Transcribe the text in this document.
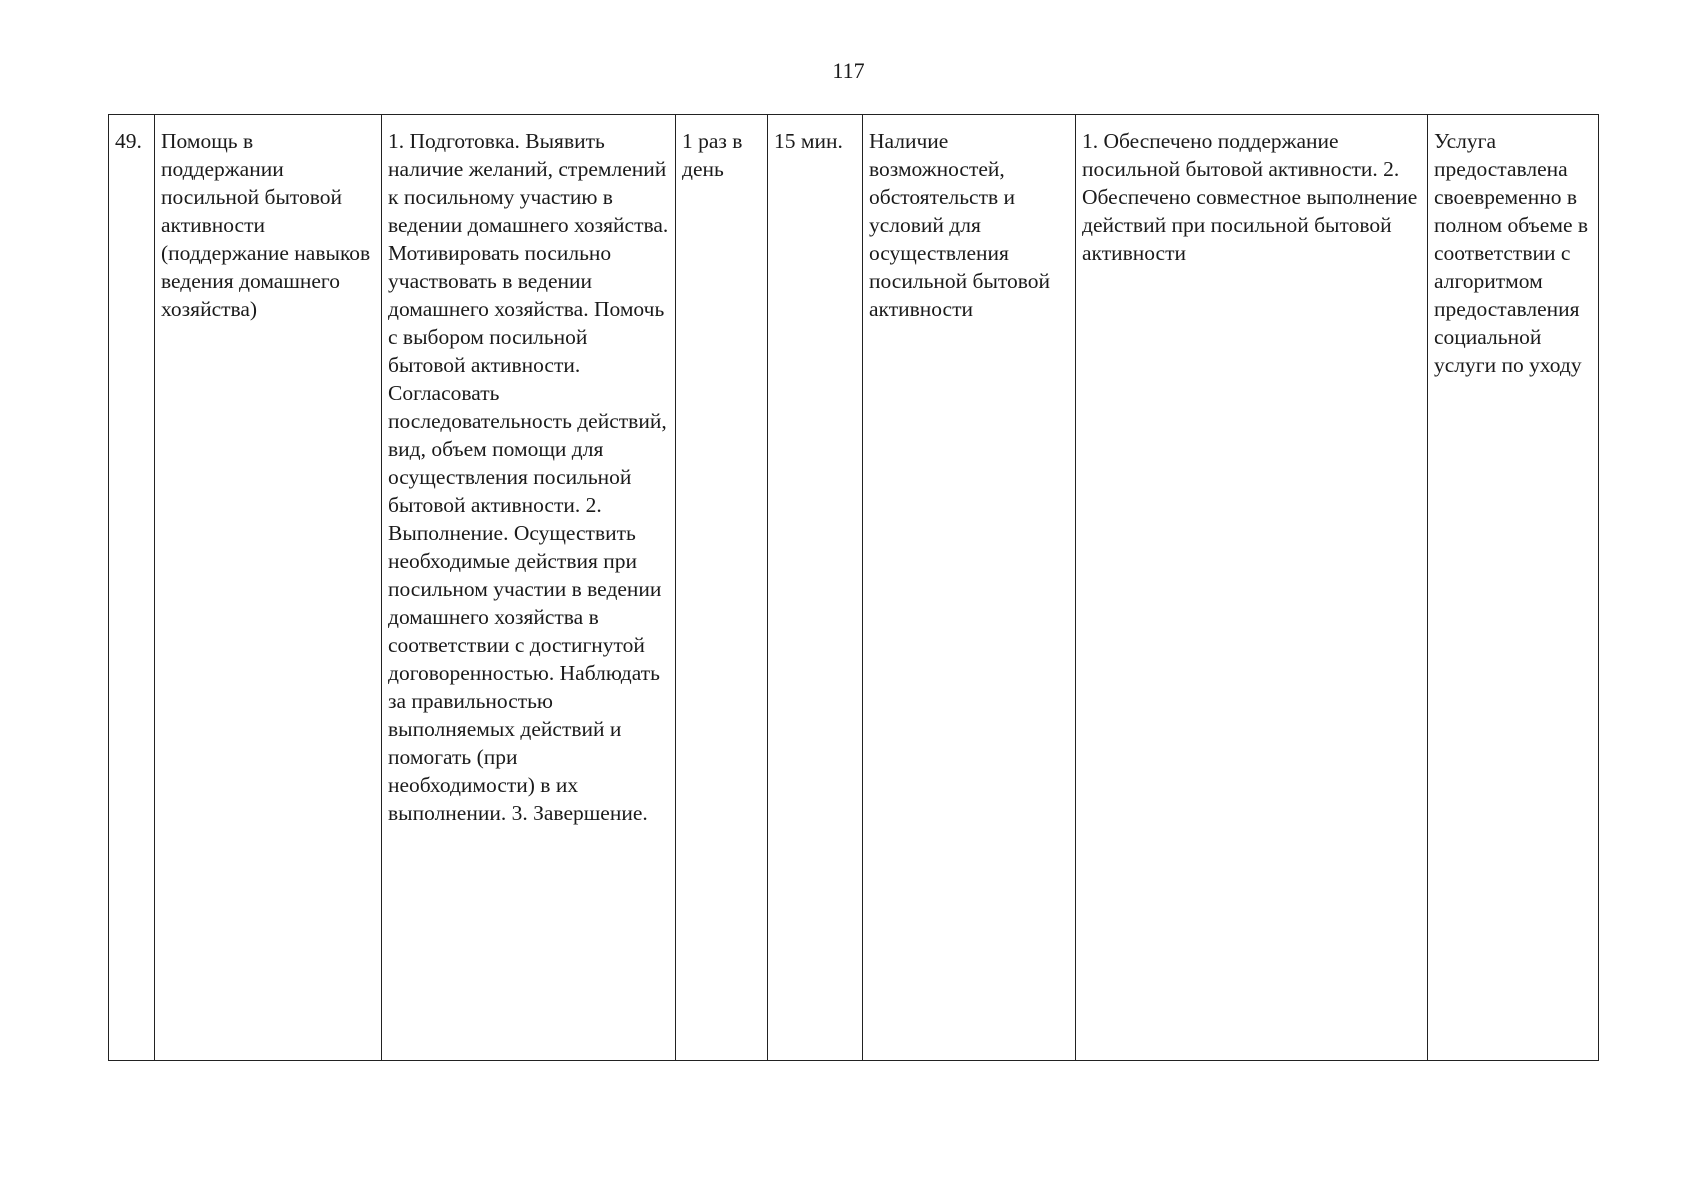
117
49.	Помощь в поддержании посильной бытовой активности (поддержание навыков ведения домашнего хозяйства)	1. Подготовка. Выявить наличие желаний, стремлений к посильному участию в ведении домашнего хозяйства. Мотивировать посильно участвовать в ведении домашнего хозяйства. Помочь с выбором посильной бытовой активности. Согласовать последовательность действий, вид, объем помощи для осуществления посильной бытовой активности. 2. Выполнение. Осуществить необходимые действия при посильном участии в ведении домашнего хозяйства в соответствии с достигнутой договоренностью. Наблюдать за правильностью выполняемых действий и помогать (при необходимости) в их выполнении. 3. Завершение.	1 раз в день	15 мин.	Наличие возможностей, обстоятельств и условий для осуществления посильной бытовой активности	1. Обеспечено поддержание посильной бытовой активности. 2. Обеспечено совместное выполнение действий при посильной бытовой активности	Услуга предоставлена своевременно в полном объеме в соответствии с алгоритмом предоставления социальной услуги по уходу
